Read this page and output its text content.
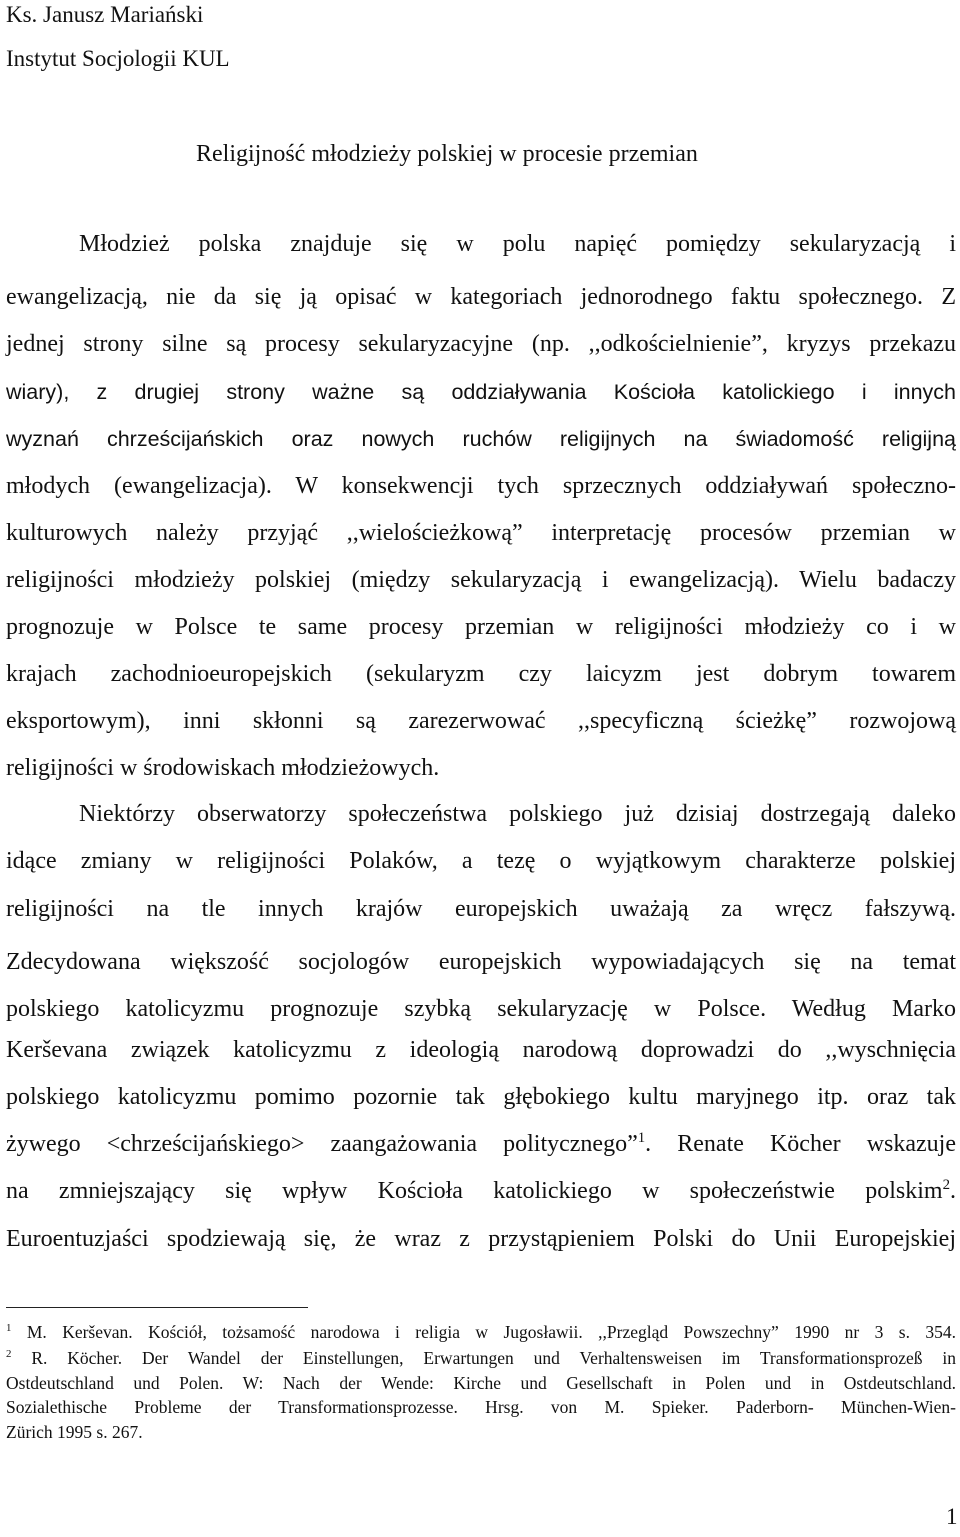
Ks. Janusz Mariański
Instytut Socjologii KUL
Religijność młodzieży polskiej w procesie przemian
Młodzież polska znajduje się w polu napięć pomiędzy sekularyzacją i
ewangelizacją, nie da się ją opisać w kategoriach jednorodnego faktu społecznego. Z
jednej strony silne są procesy sekularyzacyjne (np. ,,odkościelnienie”, kryzys przekazu
wiary), z drugiej strony ważne są oddziaływania Kościoła katolickiego i innych
wyznań chrześcijańskich oraz nowych ruchów religijnych na świadomość religijną
młodych (ewangelizacja). W konsekwencji tych sprzecznych oddziaływań społeczno-
kulturowych należy przyjąć ,,wielościeżkową” interpretację procesów przemian w
religijności młodzieży polskiej (między sekularyzacją i ewangelizacją). Wielu badaczy
prognozuje w Polsce te same procesy przemian w religijności młodzieży co i w
krajach zachodnioeuropejskich (sekularyzm czy laicyzm jest dobrym towarem
eksportowym), inni skłonni są zarezerwować ,,specyficzną ścieżkę” rozwojową
religijności w środowiskach młodzieżowych.
Niektórzy obserwatorzy społeczeństwa polskiego już dzisiaj dostrzegają daleko
idące zmiany w religijności Polaków, a tezę o wyjątkowym charakterze polskiej
religijności na tle innych krajów europejskich uważają za wręcz fałszywą.
Zdecydowana większość socjologów europejskich wypowiadających się na temat
polskiego katolicyzmu prognozuje szybką sekularyzację w Polsce. Według Marko
Kerševana związek katolicyzmu z ideologią narodową doprowadzi do ,,wyschnięcia
polskiego katolicyzmu pomimo pozornie tak głębokiego kultu maryjnego itp. oraz tak
żywego <chrześcijańskiego> zaangażowania politycznego”$^1$. Renate Köcher wskazuje
na zmniejszający się wpływ Kościoła katolickiego w społeczeństwie polskim$^2$.
Euroentuzjaści spodziewają się, że wraz z przystąpieniem Polski do Unii Europejskiej
$^1$ M. Kerševan. Kościół, tożsamość narodowa i religia w Jugosławii. ,,Przegląd Powszechny” 1990 nr 3 s. 354.
$^2$ R. Köcher. Der Wandel der Einstellungen, Erwartungen und Verhaltensweisen im Transformationsprozeß in
Ostdeutschland und Polen. W: Nach der Wende: Kirche und Gesellschaft in Polen und in Ostdeutschland.
Sozialethische Probleme der Transformationsprozesse. Hrsg. von M. Spieker. Paderborn- München-Wien-
Zürich 1995 s. 267.
1
